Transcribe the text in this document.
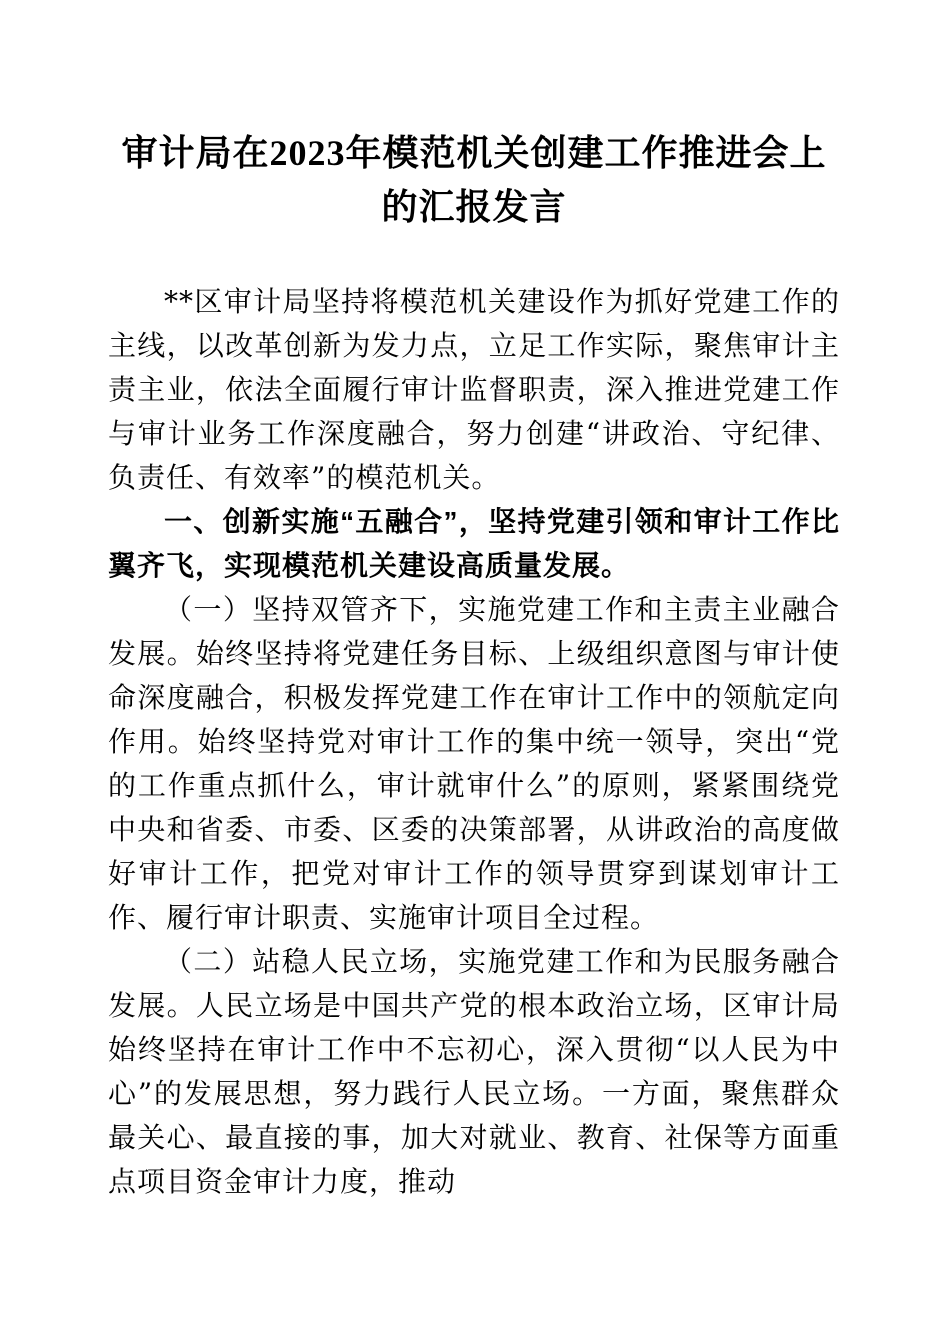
审计局在2023年模范机关创建工作推进会上的汇报发言

**区审计局坚持将模范机关建设作为抓好党建工作的主线，以改革创新为发力点，立足工作实际，聚焦审计主责主业，依法全面履行审计监督职责，深入推进党建工作与审计业务工作深度融合，努力创建“讲政治、守纪律、负责任、有效率”的模范机关。

一、创新实施“五融合”，坚持党建引领和审计工作比翼齐飞，实现模范机关建设高质量发展。

（一）坚持双管齐下，实施党建工作和主责主业融合发展。始终坚持将党建任务目标、上级组织意图与审计使命深度融合，积极发挥党建工作在审计工作中的领航定向作用。始终坚持党对审计工作的集中统一领导，突出“党的工作重点抓什么，审计就审什么”的原则，紧紧围绕党中央和省委、市委、区委的决策部署，从讲政治的高度做好审计工作，把党对审计工作的领导贯穿到谋划审计工作、履行审计职责、实施审计项目全过程。

（二）站稳人民立场，实施党建工作和为民服务融合发展。人民立场是中国共产党的根本政治立场，区审计局始终坚持在审计工作中不忘初心，深入贯彻“以人民为中心”的发展思想，努力践行人民立场。一方面，聚焦群众最关心、最直接的事，加大对就业、教育、社保等方面重点项目资金审计力度，推动
